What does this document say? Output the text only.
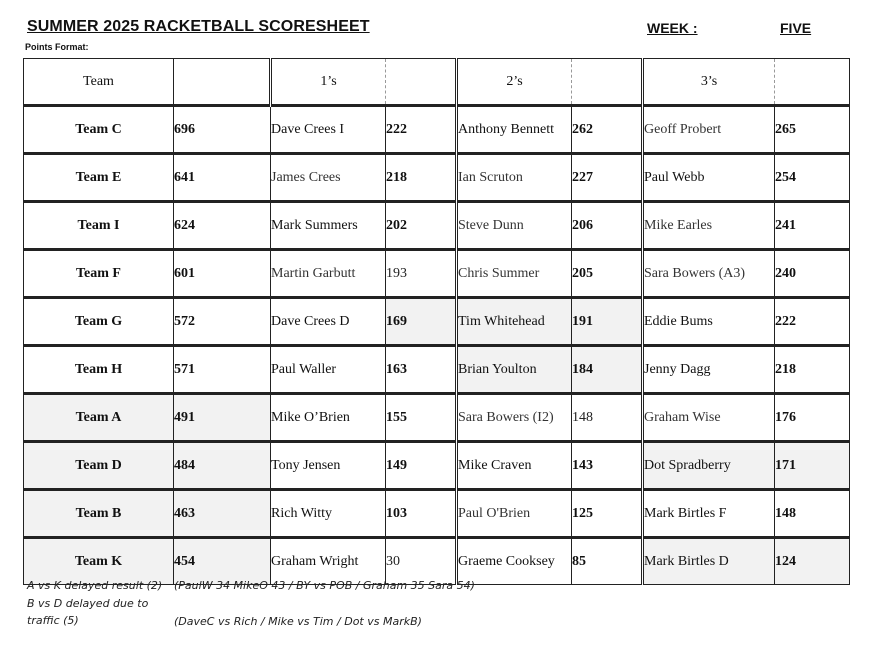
SUMMER 2025 RACKETBALL SCORESHEET	WEEK :	FIVE
Points Format:
Team		1’s		2’s		3’s	
Team C	696	Dave Crees I	222	Anthony Bennett	262	Geoff Probert	265
Team E	641	James Crees	218	Ian Scruton	227	Paul Webb	254
Team I	624	Mark Summers	202	Steve Dunn	206	Mike Earles	241
Team F	601	Martin Garbutt	193	Chris Summer	205	Sara Bowers (A3)	240
Team G	572	Dave Crees D	169	Tim Whitehead	191	Eddie Bums	222
Team H	571	Paul Waller	163	Brian Youlton	184	Jenny Dagg	218
Team A	491	Mike O’Brien	155	Sara Bowers (I2)	148	Graham Wise	176
Team D	484	Tony Jensen	149	Mike Craven	143	Dot Spradberry	171
Team B	463	Rich Witty	103	Paul O'Brien	125	Mark Birtles F	148
Team K	454	Graham Wright	30	Graeme Cooksey	85	Mark Birtles D	124
A vs K delayed result (2) (PaulW 34 MikeO 43 / BY vs POB / Graham 35 Sara 54)
B vs D delayed due to
traffic (5)	(DaveC vs Rich / Mike vs Tim / Dot vs MarkB)
